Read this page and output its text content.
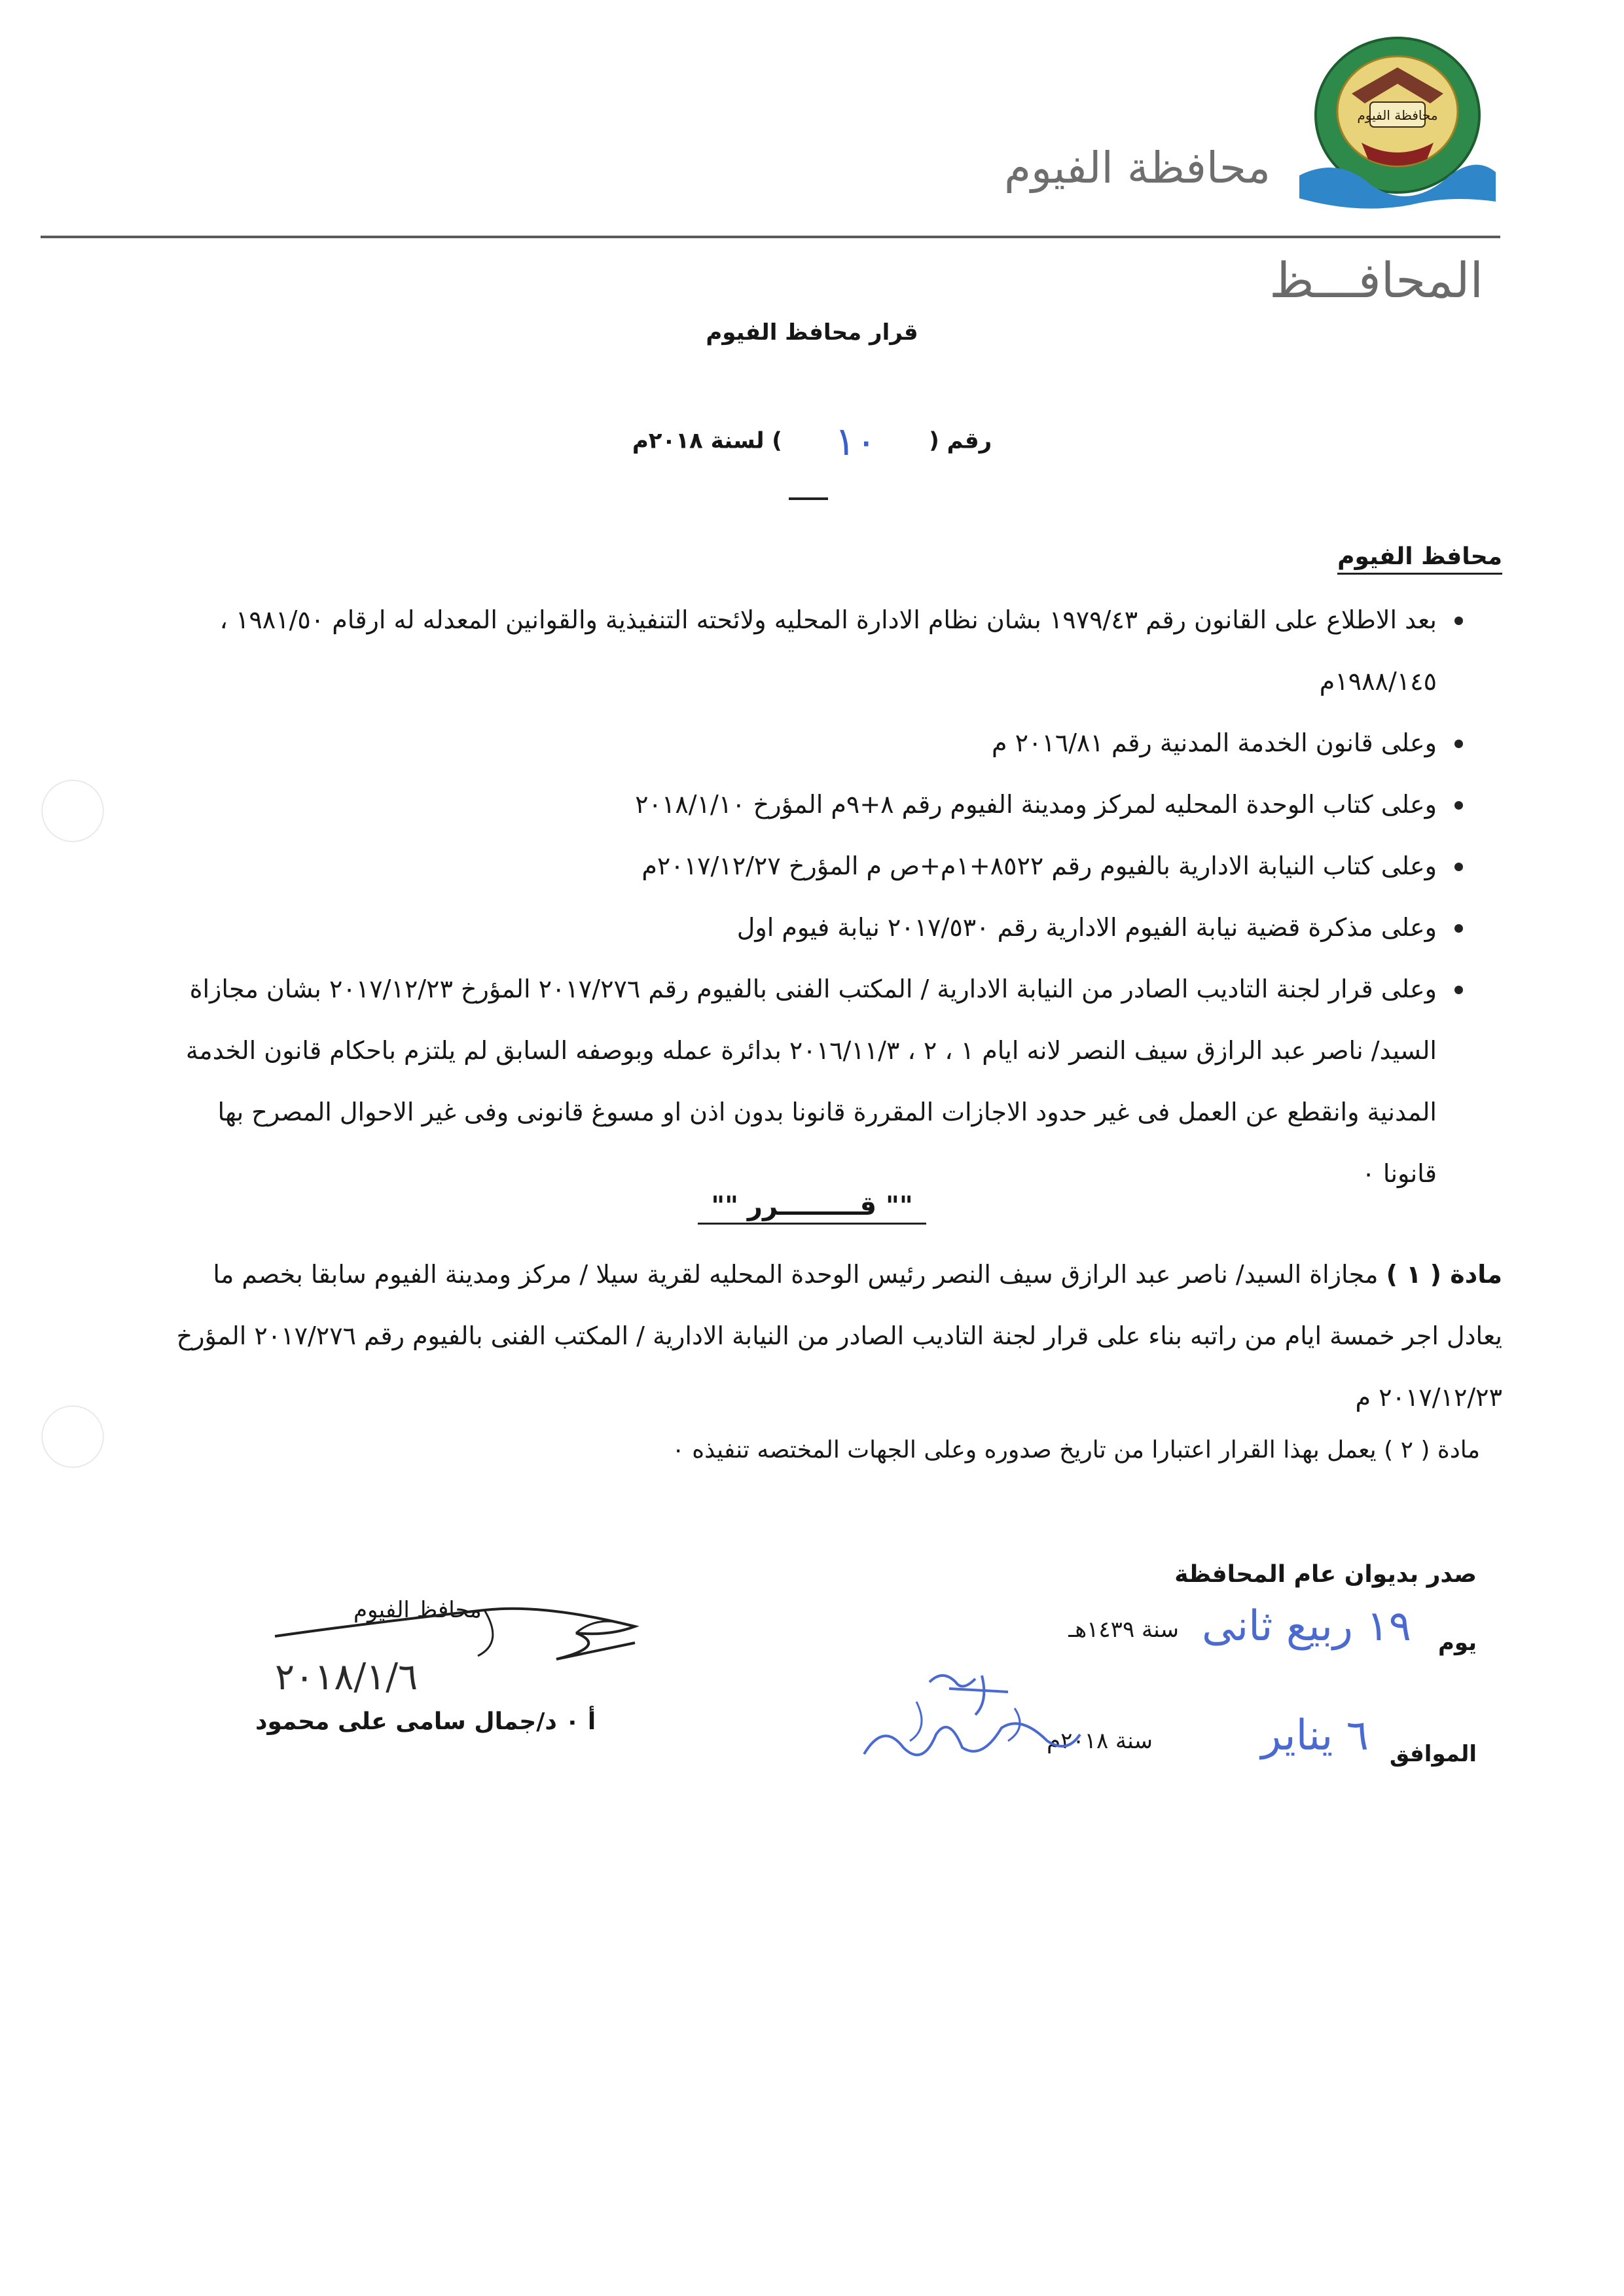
محافظة الفيوم
محافظة الفيوم
المحافـــظ
قرار محافظ الفيوم
رقم (١٠) لسنة ٢٠١٨م
محافظ الفيوم
بعد الاطلاع على القانون رقم ١٩٧٩/٤٣ بشان نظام الادارة المحليه ولائحته التنفيذية والقوانين المعدله له ارقام ١٩٨١/٥٠ ، ١٩٨٨/١٤٥م
وعلى قانون الخدمة المدنية رقم ٢٠١٦/٨١ م
وعلى كتاب الوحدة المحليه لمركز ومدينة الفيوم رقم ٨+٩م المؤرخ ٢٠١٨/١/١٠
وعلى كتاب النيابة الادارية بالفيوم رقم ٨٥٢٢+١م+ص م المؤرخ ٢٠١٧/١٢/٢٧م
وعلى مذكرة قضية نيابة الفيوم الادارية رقم ٢٠١٧/٥٣٠ نيابة فيوم اول
وعلى قرار لجنة التاديب الصادر من النيابة الادارية / المكتب الفنى بالفيوم رقم ٢٠١٧/٢٧٦ المؤرخ ٢٠١٧/١٢/٢٣ بشان مجازاة السيد/ ناصر عبد الرازق سيف النصر لانه ايام ١ ، ٢ ، ٢٠١٦/١١/٣ بدائرة عمله وبوصفه السابق لم يلتزم باحكام قانون الخدمة المدنية وانقطع عن العمل فى غير حدود الاجازات المقررة قانونا بدون اذن او مسوغ قانونى وفى غير الاحوال المصرح بها قانونا ٠
"" قـــــــــرر ""

مادة ( ١ ) مجازاة السيد/ ناصر عبد الرازق سيف النصر رئيس الوحدة المحليه لقرية سيلا / مركز ومدينة الفيوم سابقا بخصم ما يعادل اجر خمسة ايام من راتبه بناء على قرار لجنة التاديب الصادر من النيابة الادارية / المكتب الفنى بالفيوم رقم ٢٠١٧/٢٧٦ المؤرخ ٢٠١٧/١٢/٢٣ م

مادة ( ٢ ) يعمل بهذا القرار اعتبارا من تاريخ صدوره وعلى الجهات المختصه تنفيذه ٠
صدر بديوان عام المحافظة
يوم
١٩ ربيع ثانى
سنة ١٤٣٩هـ
الموافق
٦ يناير
سنة ٢٠١٨م
محافظ الفيوم
٢٠١٨/١/٦
أ ٠ د/جمال سامى على محمود
